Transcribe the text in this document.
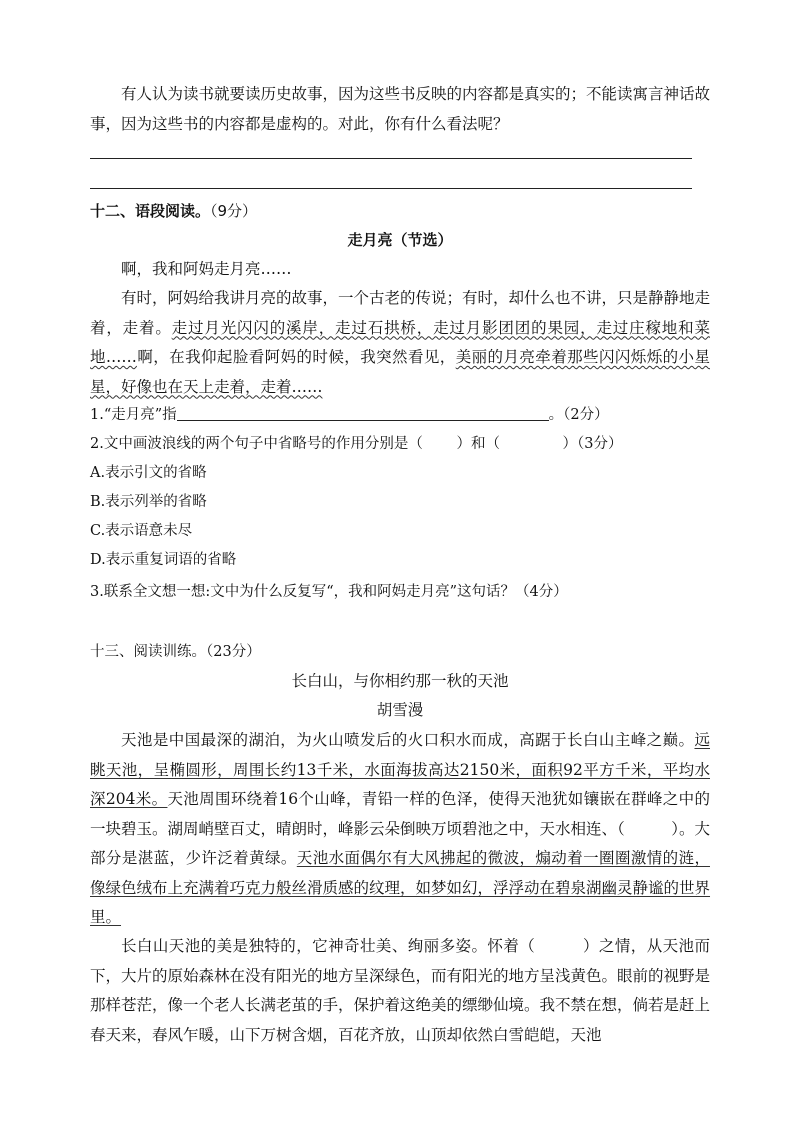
有人认为读书就要读历史故事，因为这些书反映的内容都是真实的；不能读寓言神话故事，因为这些书的内容都是虚构的。对此，你有什么看法呢？

十二、语段阅读。（9分）

走月亮（节选）

啊，我和阿妈走月亮……

有时，阿妈给我讲月亮的故事，一个古老的传说；有时，却什么也不讲，只是静静地走着，走着。走过月光闪闪的溪岸，走过石拱桥，走过月影团团的果园，走过庄稼地和菜地……啊，在我仰起脸看阿妈的时候，我突然看见，美丽的月亮牵着那些闪闪烁烁的小星星，好像也在天上走着，走着……

1.“走月亮”指	。（2分）

2.文中画波浪线的两个句子中省略号的作用分别是（　　 ）和（　　　　 ）（3分）

A.表示引文的省略

B.表示列举的省略

C.表示语意未尽

D.表示重复词语的省略

3.联系全文想一想:文中为什么反复写“，我和阿妈走月亮”这句话？（4分）

十三、阅读训练。（23分）

长白山，与你相约那一秋的天池

胡雪漫

天池是中国最深的湖泊，为火山喷发后的火口积水而成，高踞于长白山主峰之巅。远眺天池，呈椭圆形，周围长约13千米，水面海拔高达2150米，面积92平方千米，平均水深204米。天池周围环绕着16个山峰，青铅一样的色泽，使得天池犹如镶嵌在群峰之中的一块碧玉。湖周峭壁百丈，晴朗时，峰影云朵倒映万顷碧池之中，天水相连、（　　　）。大部分是湛蓝，少许泛着黄绿。天池水面偶尔有大风拂起的微波，煽动着一圈圈激情的涟，像绿色绒布上充满着巧克力般丝滑质感的纹理，如梦如幻，浮浮动在碧泉湖幽灵静谧的世界里。

长白山天池的美是独特的，它神奇壮美、绚丽多姿。怀着（　　　）之情，从天池而下，大片的原始森林在没有阳光的地方呈深绿色，而有阳光的地方呈浅黄色。眼前的视野是那样苍茫，像一个老人长满老茧的手，保护着这绝美的缥缈仙境。我不禁在想，倘若是赶上春天来，春风乍暖，山下万树含烟，百花齐放，山顶却依然白雪皑皑，天池
